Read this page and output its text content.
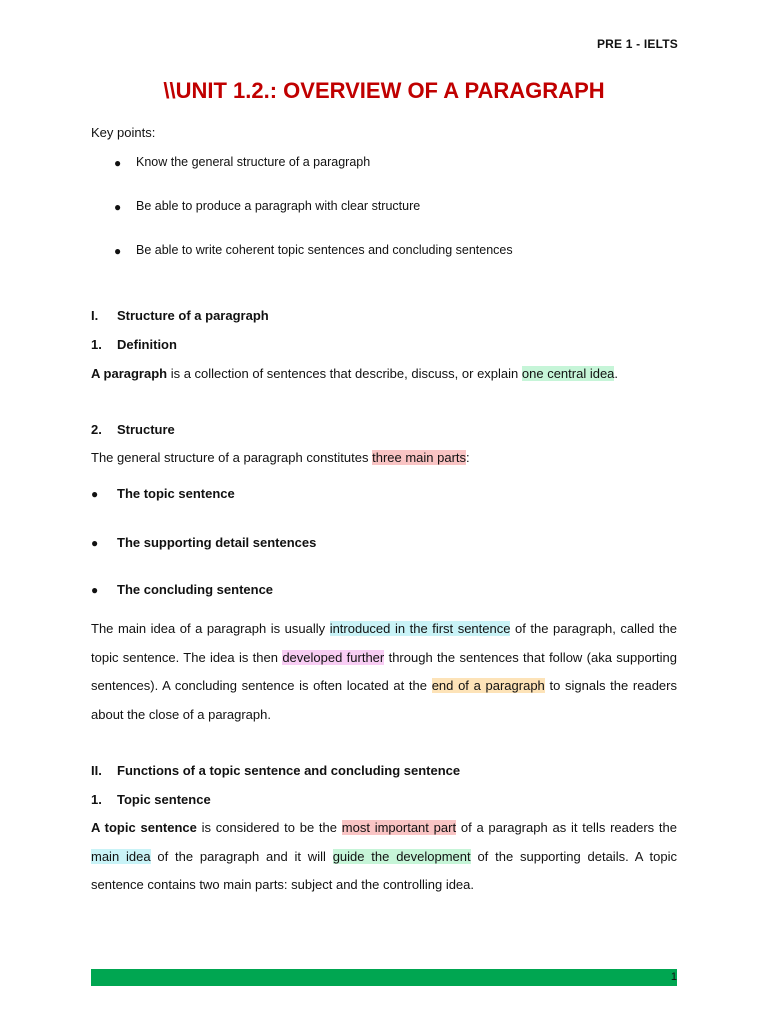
PRE 1 - IELTS
\\UNIT 1.2.: OVERVIEW OF A PARAGRAPH
Key points:
● Know the general structure of a paragraph
● Be able to produce a paragraph with clear structure
● Be able to write coherent topic sentences and concluding sentences
I. Structure of a paragraph
1. Definition
A paragraph is a collection of sentences that describe, discuss, or explain one central idea.
2. Structure
The general structure of a paragraph constitutes three main parts:
● The topic sentence
● The supporting detail sentences
● The concluding sentence
The main idea of a paragraph is usually introduced in the first sentence of the paragraph, called the topic sentence. The idea is then developed further through the sentences that follow (aka supporting sentences). A concluding sentence is often located at the end of a paragraph to signals the readers about the close of a paragraph.
II. Functions of a topic sentence and concluding sentence
1. Topic sentence
A topic sentence is considered to be the most important part of a paragraph as it tells readers the main idea of the paragraph and it will guide the development of the supporting details. A topic sentence contains two main parts: subject and the controlling idea.
1
